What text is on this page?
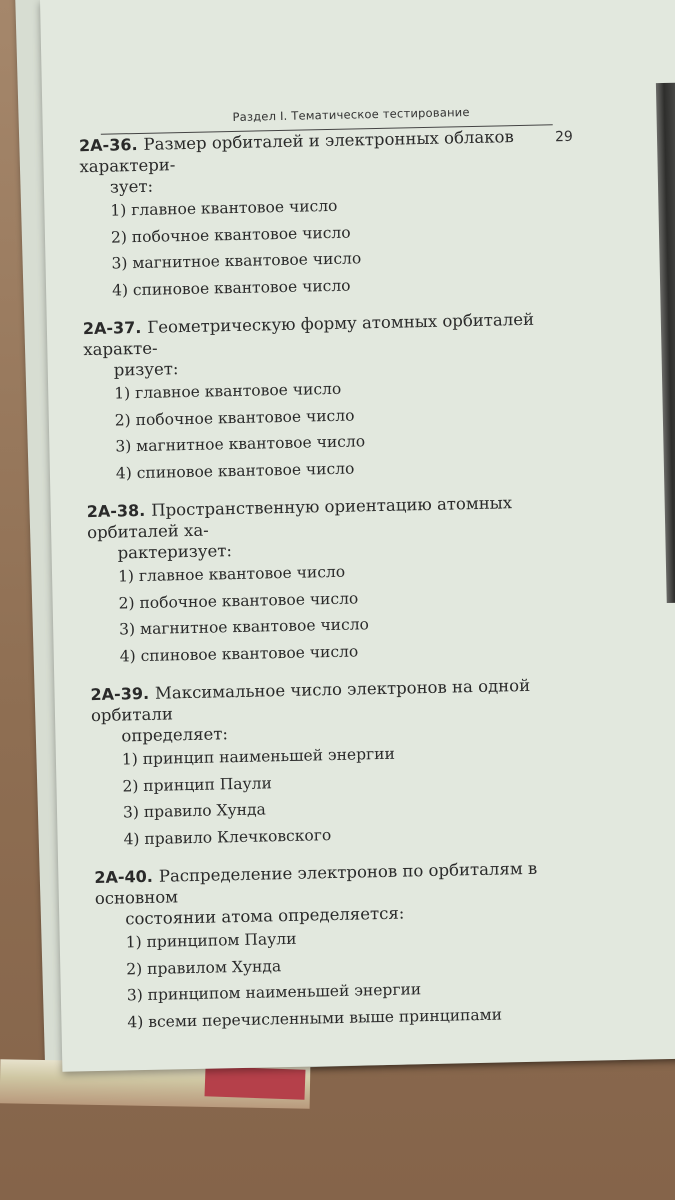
Раздел I. Тематическое тестирование
29
2А-36. Размер орбиталей и электронных облаков характери-
зует:
1) главное квантовое число
2) побочное квантовое число
3) магнитное квантовое число
4) спиновое квантовое число
2А-37. Геометрическую форму атомных орбиталей характе-
ризует:
1) главное квантовое число
2) побочное квантовое число
3) магнитное квантовое число
4) спиновое квантовое число
2А-38. Пространственную ориентацию атомных орбиталей ха-
рактеризует:
1) главное квантовое число
2) побочное квантовое число
3) магнитное квантовое число
4) спиновое квантовое число
2А-39. Максимальное число электронов на одной орбитали
определяет:
1) принцип наименьшей энергии
2) принцип Паули
3) правило Хунда
4) правило Клечковского
2А-40. Распределение электронов по орбиталям в основном
состоянии атома определяется:
1) принципом Паули
2) правилом Хунда
3) принципом наименьшей энергии
4) всеми перечисленными выше принципами
